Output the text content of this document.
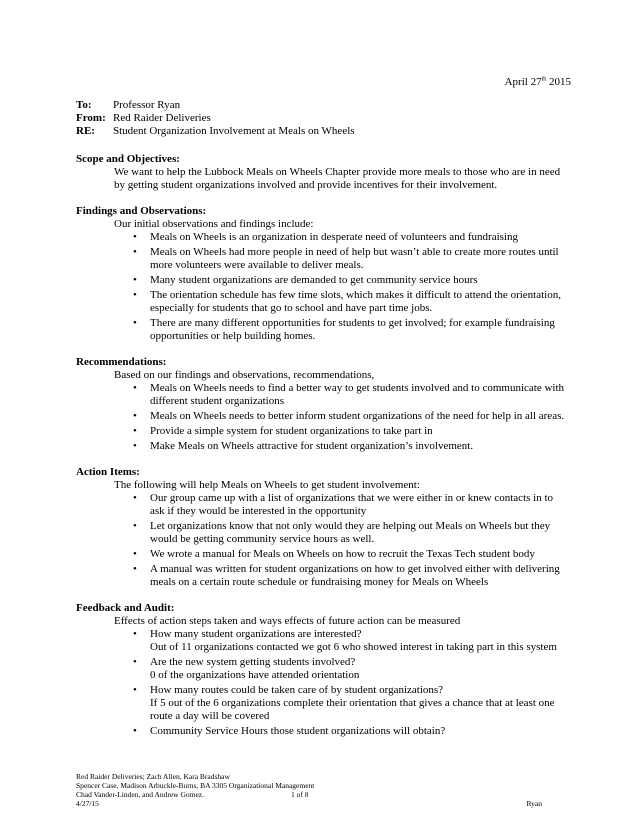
April 27th 2015
To:	Professor Ryan
From: Red Raider Deliveries
RE:	Student Organization Involvement at Meals on Wheels
Scope and Objectives:
We want to help the Lubbock Meals on Wheels Chapter provide more meals to those who are in need by getting student organizations involved and provide incentives for their involvement.
Findings and Observations:
Our initial observations and findings include:
• Meals on Wheels is an organization in desperate need of volunteers and fundraising
• Meals on Wheels had more people in need of help but wasn’t able to create more routes until more volunteers were available to deliver meals.
• Many student organizations are demanded to get community service hours
• The orientation schedule has few time slots, which makes it difficult to attend the orientation, especially for students that go to school and have part time jobs.
• There are many different opportunities for students to get involved; for example fundraising opportunities or help building homes.
Recommendations:
Based on our findings and observations, recommendations,
• Meals on Wheels needs to find a better way to get students involved and to communicate with different student organizations
• Meals on Wheels needs to better inform student organizations of the need for help in all areas.
• Provide a simple system for student organizations to take part in
• Make Meals on Wheels attractive for student organization’s involvement.
Action Items:
The following will help Meals on Wheels to get student involvement:
• Our group came up with a list of organizations that we were either in or knew contacts in to ask if they would be interested in the opportunity
• Let organizations know that not only would they are helping out Meals on Wheels but they would be getting community service hours as well.
• We wrote a manual for Meals on Wheels on how to recruit the Texas Tech student body
• A manual was written for student organizations on how to get involved either with delivering meals on a certain route schedule or fundraising money for Meals on Wheels
Feedback and Audit:
Effects of action steps taken and ways effects of future action can be measured
• How many student organizations are interested?
Out of 11 organizations contacted we got 6 who showed interest in taking part in this system
• Are the new system getting students involved?
0 of the organizations have attended orientation
• How many routes could be taken care of by student organizations?
If 5 out of the 6 organizations complete their orientation that gives a chance that at least one route a day will be covered
• Community Service Hours those student organizations will obtain?
Red Raider Deliveries; Zach Allen, Kara Bradshaw
Spencer Case, Madison Arbuckle-Burns, BA 3305 Organizational Management
Chad Vander-Linden, and Andrew Gomez.
4/27/15
1 of 8
Ryan
